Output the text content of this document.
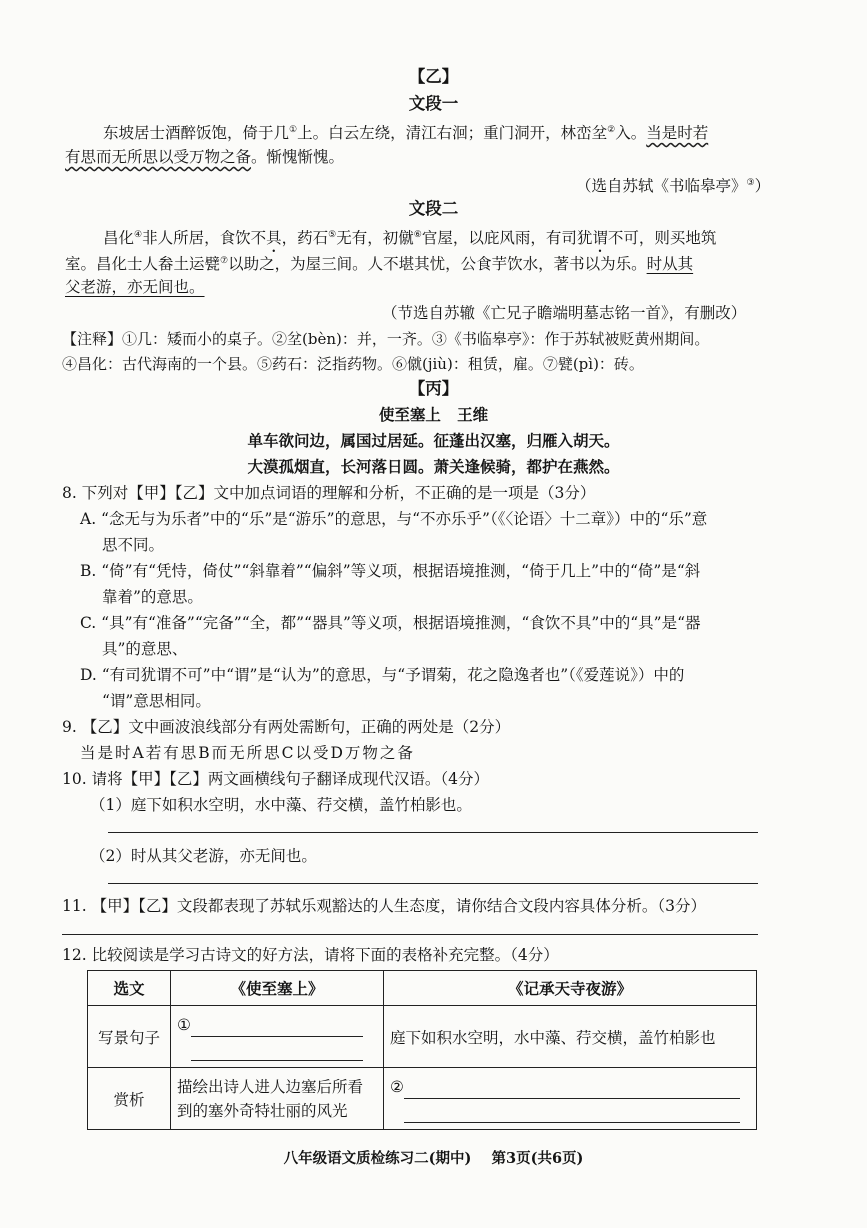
【乙】
文段一
东坡居士酒醉饭饱，倚于几①上。白云左绕，清江右洄；重门洞开，林峦坌②入。当是时若
有思而无所思以受万物之备。惭愧惭愧。
（选自苏轼《书临皋亭》③）
文段二
昌化④非人所居，食饮不具，药石⑤无有，初僦⑥官屋，以庇风雨，有司犹谓不可，则买地筑
室。昌化士人畚土运甓⑦以助之，为屋三间。人不堪其忧，公食芋饮水，著书以为乐。时从其
父老游，亦无间也。
（节选自苏辙《亡兄子瞻端明墓志铭一首》，有删改）
【注释】①几：矮而小的桌子。②坌(bèn)：并，一齐。③《书临皋亭》：作于苏轼被贬黄州期间。
④昌化：古代海南的一个县。⑤药石：泛指药物。⑥僦(jiù)：租赁，雇。⑦甓(pì)：砖。
【丙】
使至塞上 王维
单车欲问边，属国过居延。征蓬出汉塞，归雁入胡天。
大漠孤烟直，长河落日圆。萧关逢候骑，都护在燕然。
8. 下列对【甲】【乙】文中加点词语的理解和分析，不正确的是一项是（3分）
A. “念无与为乐者”中的“乐”是“游乐”的意思，与“不亦乐乎”（《〈论语〉十二章》）中的“乐”意
思不同。
B. “倚”有“凭恃，倚仗”“斜靠着”“偏斜”等义项，根据语境推测，“倚于几上”中的“倚”是“斜
靠着”的意思。
C. “具”有“准备”“完备”“全，都”“器具”等义项，根据语境推测，“食饮不具”中的“具”是“器
具”的意思、
D. “有司犹谓不可”中“谓”是“认为”的意思，与“予谓菊，花之隐逸者也”（《爱莲说》）中的
“谓”意思相同。
9. 【乙】文中画波浪线部分有两处需断句，正确的两处是（2分）
当是时A若有思B而无所思C以受D万物之备
10. 请将【甲】【乙】两文画横线句子翻译成现代汉语。（4分）
（1）庭下如积水空明，水中藻、荇交横，盖竹柏影也。
（2）时从其父老游，亦无间也。
11. 【甲】【乙】文段都表现了苏轼乐观豁达的人生态度，请你结合文段内容具体分析。（3分）
12. 比较阅读是学习古诗文的好方法，请将下面的表格补充完整。（4分）
选文	《使至塞上》	《记承天寺夜游》
写景句子	①	庭下如积水空明，水中藻、荇交横，盖竹柏影也
赏析	描绘出诗人进人边塞后所看
到的塞外奇特壮丽的风光	②
八年级语文质检练习二(期中)    第3页(共6页)
